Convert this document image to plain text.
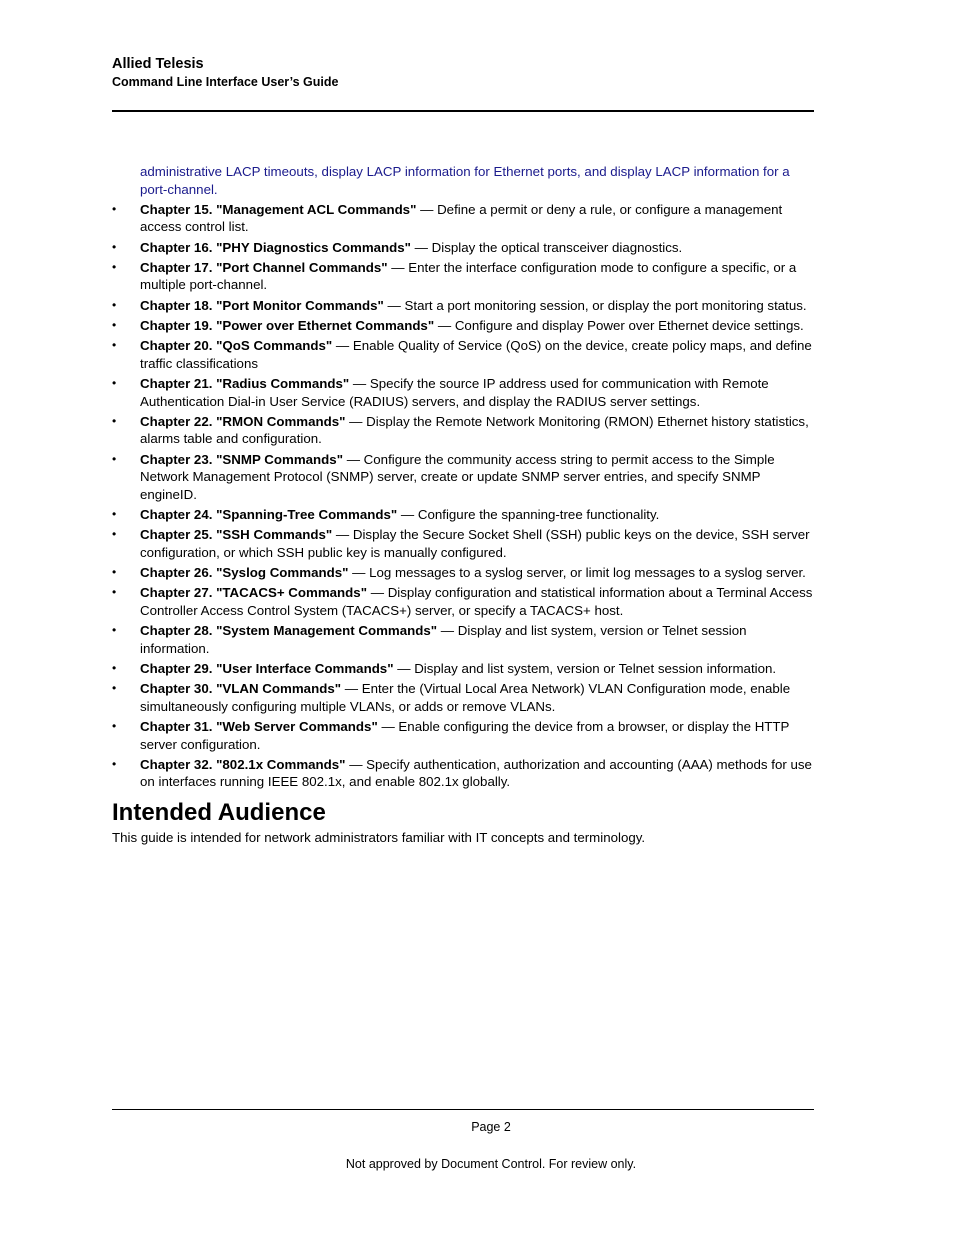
Allied Telesis
Command Line Interface User’s Guide
administrative LACP timeouts, display LACP information for Ethernet ports, and display LACP information for a port-channel.
•	Chapter 15. "Management ACL Commands" — Define a permit or deny a rule, or configure a management access control list.
•	Chapter 16. "PHY Diagnostics Commands" — Display the optical transceiver diagnostics.
•	Chapter 17. "Port Channel Commands" — Enter the interface configuration mode to configure a specific, or a multiple port-channel.
•	Chapter 18. "Port Monitor Commands" — Start a port monitoring session, or display the port monitoring status.
•	Chapter 19. "Power over Ethernet Commands" — Configure and display Power over Ethernet device settings.
•	Chapter 20. "QoS Commands" — Enable Quality of Service (QoS) on the device, create policy maps, and define traffic classifications
•	Chapter 21. "Radius Commands" — Specify the source IP address used for communication with Remote Authentication Dial-in User Service (RADIUS) servers, and display the RADIUS server settings.
•	Chapter 22. "RMON Commands" — Display the Remote Network Monitoring (RMON) Ethernet history statistics, alarms table and configuration.
•	Chapter 23. "SNMP Commands" — Configure the community access string to permit access to the Simple Network Management Protocol (SNMP) server, create or update SNMP server entries, and specify SNMP engineID.
•	Chapter 24. "Spanning-Tree Commands" — Configure the spanning-tree functionality.
•	Chapter 25. "SSH Commands" — Display the Secure Socket Shell (SSH) public keys on the device, SSH server configuration, or which SSH public key is manually configured.
•	Chapter 26. "Syslog Commands" — Log messages to a syslog server, or limit log messages to a syslog server.
•	Chapter 27. "TACACS+ Commands" — Display configuration and statistical information about a Terminal Access Controller Access Control System (TACACS+) server, or specify a TACACS+ host.
•	Chapter 28. "System Management Commands" — Display and list system, version or Telnet session information.
•	Chapter 29. "User Interface Commands" — Display and list system, version or Telnet session information.
•	Chapter 30. "VLAN Commands" — Enter the (Virtual Local Area Network) VLAN Configuration mode, enable simultaneously configuring multiple VLANs, or adds or remove VLANs.
•	Chapter 31. "Web Server Commands" — Enable configuring the device from a browser, or display the HTTP server configuration.
•	Chapter 32. "802.1x Commands" — Specify authentication, authorization and accounting (AAA) methods for use on interfaces running IEEE 802.1x, and enable 802.1x globally.
Intended Audience

This guide is intended for network administrators familiar with IT concepts and terminology.

Page 2
Not approved by Document Control. For review only.
